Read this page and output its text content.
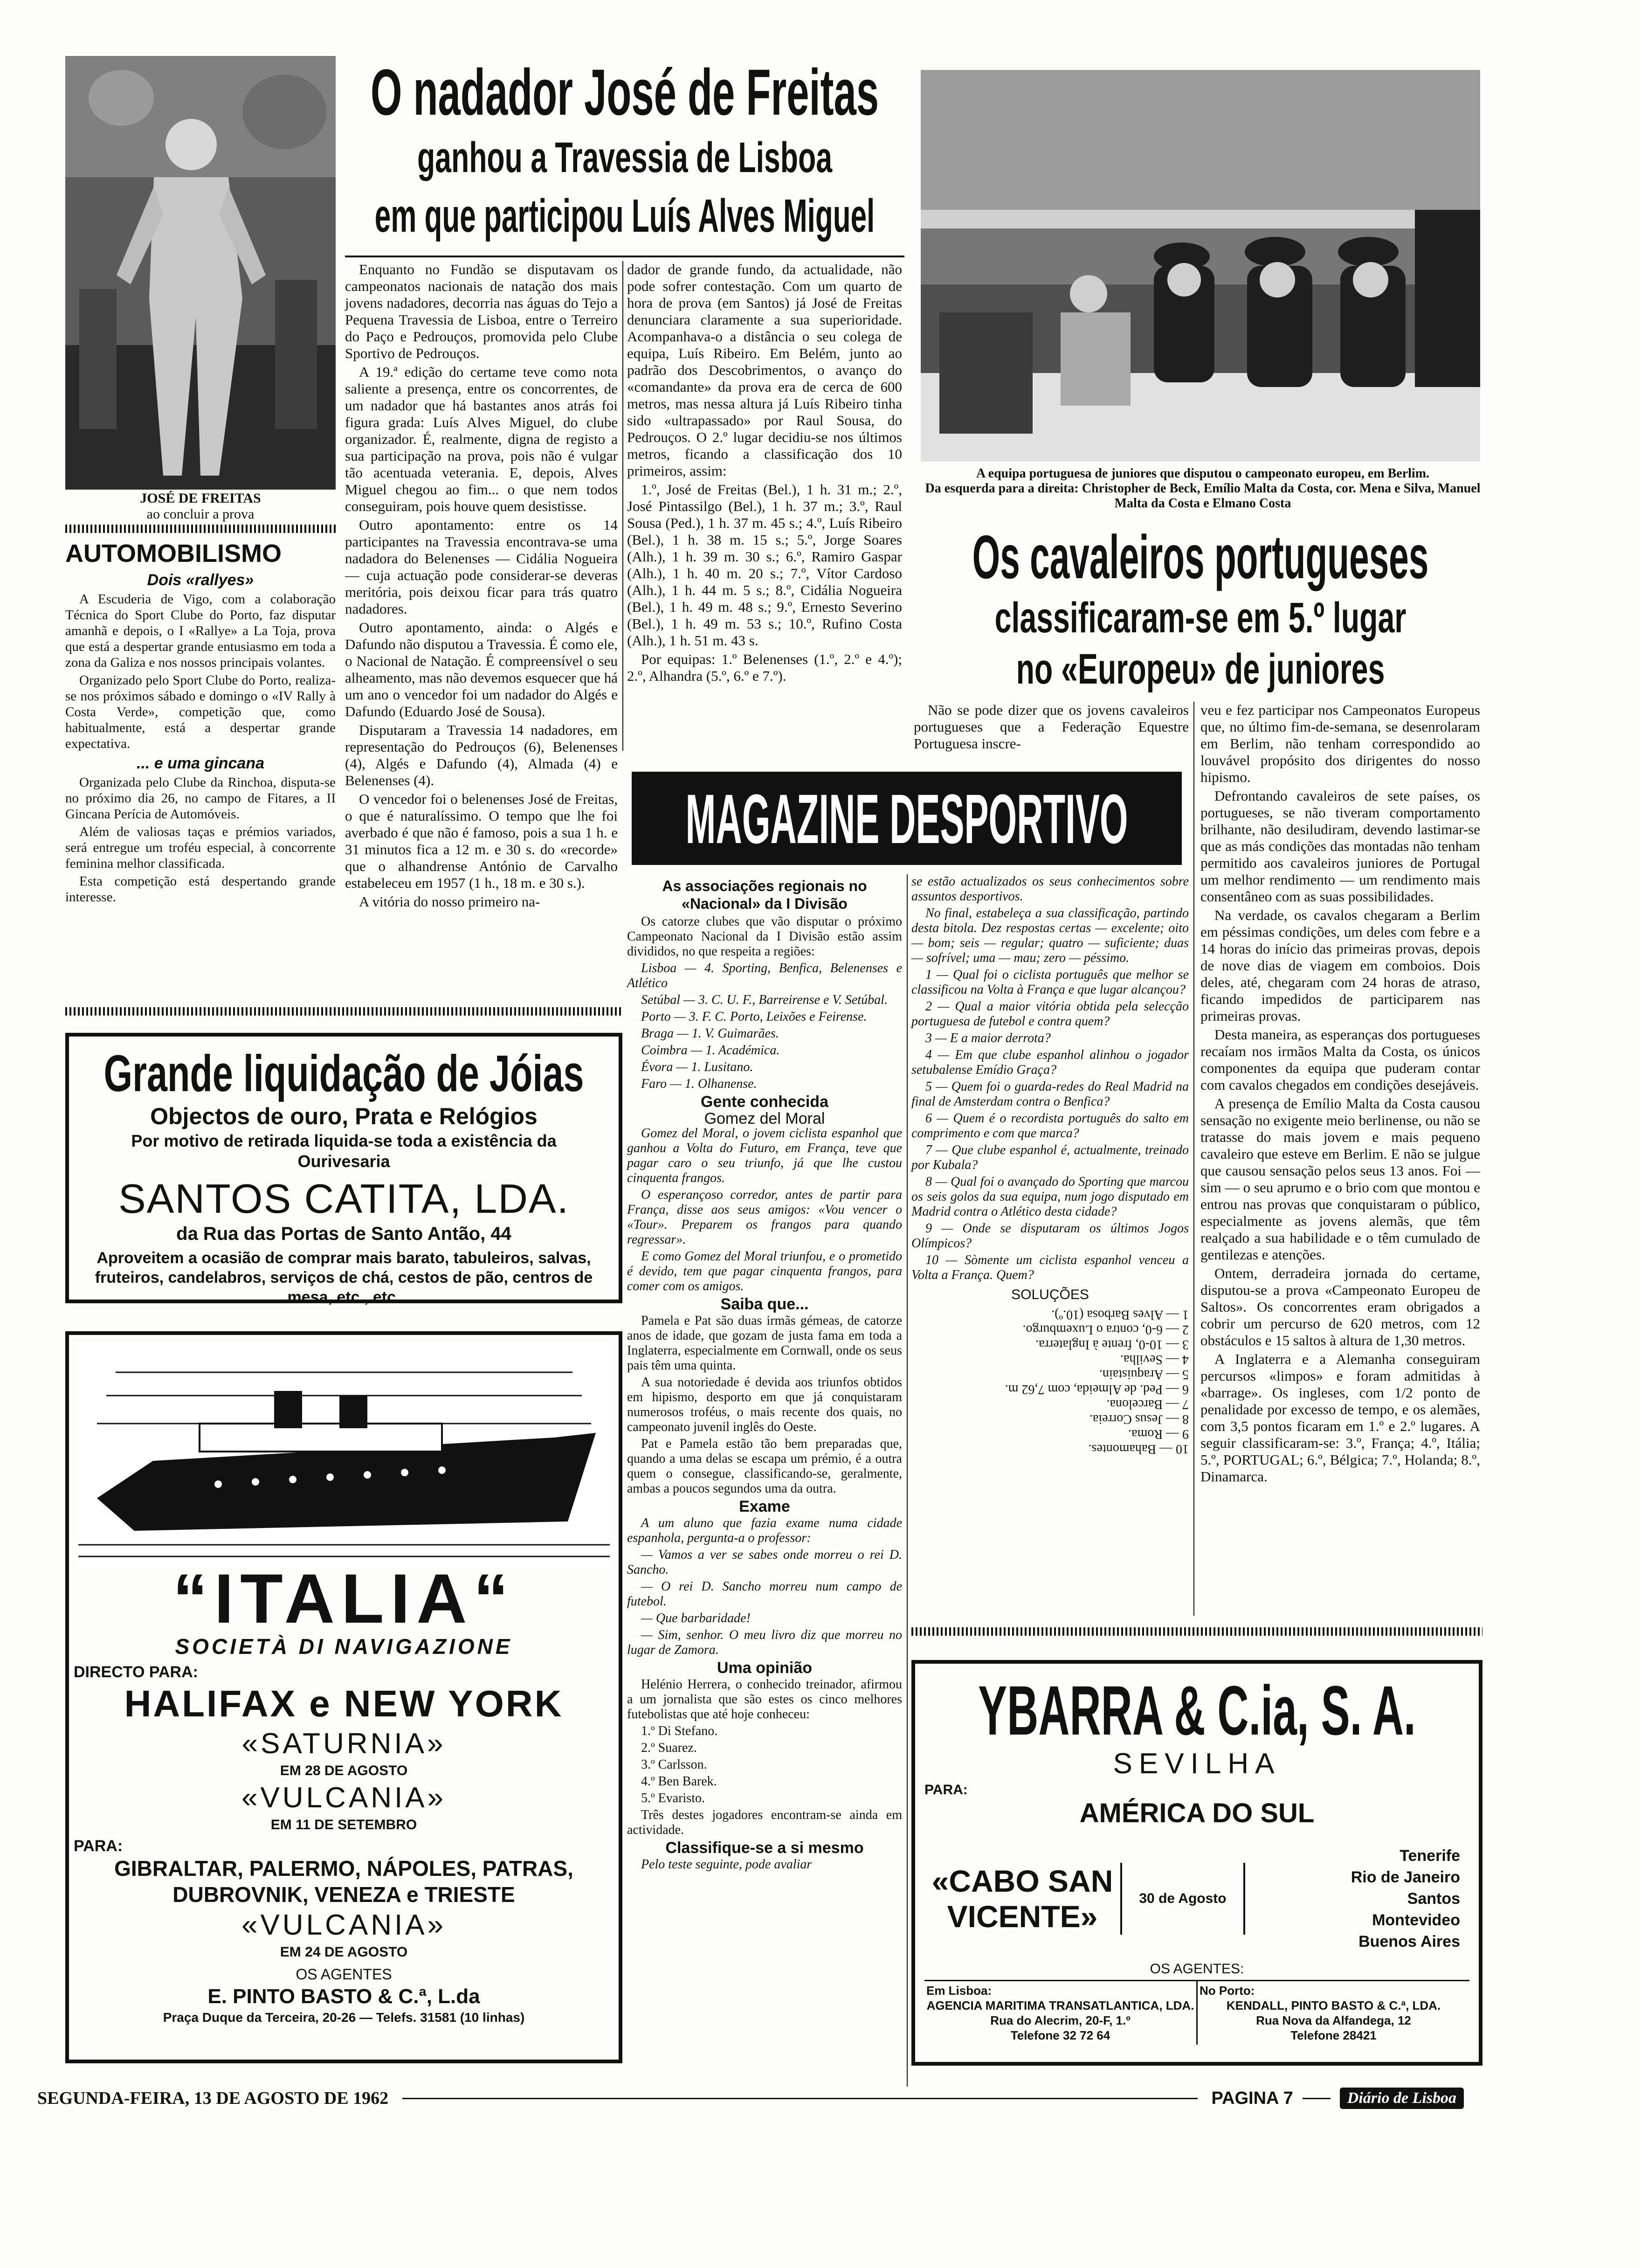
JOSÉ DE FREITAS
ao concluir a prova
O nadador José de Freitas
ganhou a Travessia de Lisboa
em que participou Luís Alves Miguel

Enquanto no Fundão se disputavam os campeonatos nacionais de natação dos mais jovens nadadores, decorria nas águas do Tejo a Pequena Travessia de Lisboa, entre o Terreiro do Paço e Pedrouços, promovida pelo Clube Sportivo de Pedrouços.

A 19.ª edição do certame teve como nota saliente a presença, entre os concorrentes, de um nadador que há bastantes anos atrás foi figura grada: Luís Alves Miguel, do clube organizador. É, realmente, digna de registo a sua participação na prova, pois não é vulgar tão acentuada veterania. E, depois, Alves Miguel chegou ao fim... o que nem todos conseguiram, pois houve quem desistisse.

Outro apontamento: entre os 14 participantes na Travessia encontrava-se uma nadadora do Belenenses — Cidália Nogueira — cuja actuação pode considerar-se deveras meritória, pois deixou ficar para trás quatro nadadores.

Outro apontamento, ainda: o Algés e Dafundo não disputou a Travessia. É como ele, o Nacional de Natação. É compreensível o seu alheamento, mas não devemos esquecer que há um ano o vencedor foi um nadador do Algés e Dafundo (Eduardo José de Sousa).

Disputaram a Travessia 14 nadadores, em representação do Pedrouços (6), Belenenses (4), Algés e Dafundo (4), Almada (4) e Belenenses (4).

O vencedor foi o belenenses José de Freitas, o que é naturalíssimo. O tempo que lhe foi averbado é que não é famoso, pois a sua 1 h. e 31 minutos fica a 12 m. e 30 s. do «recorde» que o alhandrense António de Carvalho estabeleceu em 1957 (1 h., 18 m. e 30 s.).

A vitória do nosso primeiro na-

dador de grande fundo, da actualidade, não pode sofrer contestação. Com um quarto de hora de prova (em Santos) já José de Freitas denunciara claramente a sua superioridade. Acompanhava-o a distância o seu colega de equipa, Luís Ribeiro. Em Belém, junto ao padrão dos Descobrimentos, o avanço do «comandante» da prova era de cerca de 600 metros, mas nessa altura já Luís Ribeiro tinha sido «ultrapassado» por Raul Sousa, do Pedrouços. O 2.º lugar decidiu-se nos últimos metros, ficando a classificação dos 10 primeiros, assim:

1.º, José de Freitas (Bel.), 1 h. 31 m.; 2.º, José Pintassilgo (Bel.), 1 h. 37 m.; 3.º, Raul Sousa (Ped.), 1 h. 37 m. 45 s.; 4.º, Luís Ribeiro (Bel.), 1 h. 38 m. 15 s.; 5.º, Jorge Soares (Alh.), 1 h. 39 m. 30 s.; 6.º, Ramiro Gaspar (Alh.), 1 h. 40 m. 20 s.; 7.º, Vítor Cardoso (Alh.), 1 h. 44 m. 5 s.; 8.º, Cidália Nogueira (Bel.), 1 h. 49 m. 48 s.; 9.º, Ernesto Severino (Bel.), 1 h. 49 m. 53 s.; 10.º, Rufino Costa (Alh.), 1 h. 51 m. 43 s.

Por equipas: 1.º Belenenses (1.º, 2.º e 4.º); 2.º, Alhandra (5.º, 6.º e 7.º).

A equipa portuguesa de juniores que disputou o campeonato europeu, em Berlim.
Da esquerda para a direita: Christopher de Beck, Emílio Malta da Costa, cor. Mena e Silva, Manuel Malta da Costa e Elmano Costa
Os cavaleiros portugueses
classificaram-se em 5.º lugar
no «Europeu» de juniores

Não se pode dizer que os jovens cavaleiros portugueses que a Federação Equestre Portuguesa inscre-

veu e fez participar nos Campeonatos Europeus que, no último fim-de-semana, se desenrolaram em Berlim, não tenham correspondido ao louvável propósito dos dirigentes do nosso hipismo.

Defrontando cavaleiros de sete países, os portugueses, se não tiveram comportamento brilhante, não desiludiram, devendo lastimar-se que as más condições das montadas não tenham permitido aos cavaleiros juniores de Portugal um melhor rendimento — um rendimento mais consentâneo com as suas possibilidades.

Na verdade, os cavalos chegaram a Berlim em péssimas condições, um deles com febre e a 14 horas do início das primeiras provas, depois de nove dias de viagem em comboios. Dois deles, até, chegaram com 24 horas de atraso, ficando impedidos de participarem nas primeiras provas.

Desta maneira, as esperanças dos portugueses recaíam nos irmãos Malta da Costa, os únicos componentes da equipa que puderam contar com cavalos chegados em condições desejáveis.

A presença de Emílio Malta da Costa causou sensação no exigente meio berlinense, ou não se tratasse do mais jovem e mais pequeno cavaleiro que esteve em Berlim. E não se julgue que causou sensação pelos seus 13 anos. Foi — sim — o seu aprumo e o brio com que montou e entrou nas provas que conquistaram o público, especialmente as jovens alemãs, que têm realçado a sua habilidade e o têm cumulado de gentilezas e atenções.

Ontem, derradeira jornada do certame, disputou-se a prova «Campeonato Europeu de Saltos». Os concorrentes eram obrigados a cobrir um percurso de 620 metros, com 12 obstáculos e 15 saltos à altura de 1,30 metros.

A Inglaterra e a Alemanha conseguiram percursos «limpos» e foram admitidas à «barrage». Os ingleses, com 1/2 ponto de penalidade por excesso de tempo, e os alemães, com 3,5 pontos ficaram em 1.º e 2.º lugares. A seguir classificaram-se: 3.º, França; 4.º, Itália; 5.º, PORTUGAL; 6.º, Bélgica; 7.º, Holanda; 8.º, Dinamarca.

AUTOMOBILISMO
Dois «rallyes»

A Escuderia de Vigo, com a colaboração Técnica do Sport Clube do Porto, faz disputar amanhã e depois, o I «Rallye» a La Toja, prova que está a despertar grande entusiasmo em toda a zona da Galiza e nos nossos principais volantes.

Organizado pelo Sport Clube do Porto, realiza-se nos próximos sábado e domingo o «IV Rally à Costa Verde», competição que, como habitualmente, está a despertar grande expectativa.

... e uma gincana

Organizada pelo Clube da Rinchoa, disputa-se no próximo dia 26, no campo de Fitares, a II Gincana Perícia de Automóveis.

Além de valiosas taças e prémios variados, será entregue um troféu especial, à concorrente feminina melhor classificada.

Esta competição está despertando grande interesse.

Grande liquidação de Jóias
Objectos de ouro, Prata e Relógios
Por motivo de retirada liquida-se toda a existência da Ourivesaria
SANTOS CATITA, LDA.
da Rua das Portas de Santo Antão, 44
Aproveitem a ocasião de comprar mais barato, tabuleiros, salvas, fruteiros, candelabros, serviços de chá, cestos de pão, centros de mesa, etc., etc.
“ITALIA“
SOCIETÀ DI NAVIGAZIONE
DIRECTO PARA:
HALIFAX e NEW YORK
«SATURNIA»
EM 28 DE AGOSTO
«VULCANIA»
EM 11 DE SETEMBRO
PARA:
GIBRALTAR, PALERMO, NÁPOLES, PATRAS, DUBROVNIK, VENEZA e TRIESTE
«VULCANIA»
EM 24 DE AGOSTO
OS AGENTES
E. PINTO BASTO & C.ª, L.da
Praça Duque da Terceira, 20-26 — Telefs. 31581 (10 linhas)
MAGAZINE DESPORTIVO
As associações regionais no «Nacional» da I Divisão

Os catorze clubes que vão disputar o próximo Campeonato Nacional da I Divisão estão assim divididos, no que respeita a regiões:

Lisboa — 4. Sporting, Benfica, Belenenses e Atlético

Setúbal — 3. C. U. F., Barreirense e V. Setúbal.

Porto — 3. F. C. Porto, Leixões e Feirense.

Braga — 1. V. Guimarães.

Coimbra — 1. Académica.

Évora — 1. Lusitano.

Faro — 1. Olhanense.

Gente conhecida
Gomez del Moral

Gomez del Moral, o jovem ciclista espanhol que ganhou a Volta do Futuro, em França, teve que pagar caro o seu triunfo, já que lhe custou cinquenta frangos.

O esperançoso corredor, antes de partir para França, disse aos seus amigos: «Vou vencer o «Tour». Preparem os frangos para quando regressar».

E como Gomez del Moral triunfou, e o prometido é devido, tem que pagar cinquenta frangos, para comer com os amigos.

Saiba que...

Pamela e Pat são duas irmãs gémeas, de catorze anos de idade, que gozam de justa fama em toda a Inglaterra, especialmente em Cornwall, onde os seus pais têm uma quinta.

A sua notoriedade é devida aos triunfos obtidos em hipismo, desporto em que já conquistaram numerosos troféus, o mais recente dos quais, no campeonato juvenil inglês do Oeste.

Pat e Pamela estão tão bem preparadas que, quando a uma delas se escapa um prémio, é a outra quem o consegue, classificando-se, geralmente, ambas a poucos segundos uma da outra.

Exame

A um aluno que fazia exame numa cidade espanhola, pergunta-a o professor:

— Vamos a ver se sabes onde morreu o rei D. Sancho.

— O rei D. Sancho morreu num campo de futebol.

— Que barbaridade!

— Sim, senhor. O meu livro diz que morreu no lugar de Zamora.

Uma opinião

Helénio Herrera, o conhecido treinador, afirmou a um jornalista que são estes os cinco melhores futebolistas que até hoje conheceu:

1.º Di Stefano.

2.º Suarez.

3.º Carlsson.

4.º Ben Barek.

5.º Evaristo.

Três destes jogadores encontram-se ainda em actividade.

Classifique-se a si mesmo

Pelo teste seguinte, pode avaliar

se estão actualizados os seus conhecimentos sobre assuntos desportivos.

No final, estabeleça a sua classificação, partindo desta bitola. Dez respostas certas — excelente; oito — bom; seis — regular; quatro — suficiente; duas — sofrível; uma — mau; zero — péssimo.

1 — Qual foi o ciclista português que melhor se classificou na Volta à França e que lugar alcançou?

2 — Qual a maior vitória obtida pela selecção portuguesa de futebol e contra quem?

3 — E a maior derrota?

4 — Em que clube espanhol alinhou o jogador setubalense Emídio Graça?

5 — Quem foi o guarda-redes do Real Madrid na final de Amsterdam contra o Benfica?

6 — Quem é o recordista português do salto em comprimento e com que marca?

7 — Que clube espanhol é, actualmente, treinado por Kubala?

8 — Qual foi o avançado do Sporting que marcou os seis golos da sua equipa, num jogo disputado em Madrid contra o Atlético desta cidade?

9 — Onde se disputaram os últimos Jogos Olímpicos?

10 — Sòmente um ciclista espanhol venceu a Volta a França. Quem?

SOLUÇÕES
10 — Bahamontes.
9 — Roma.
8 — Jesus Correia.
7 — Barcelona.
6 — Ped. de Almeida, com 7,62 m.
5 — Araquistain.
4 — Sevilha.
3 — 10-0, frente à Inglaterra.
2 — 6-0, contra o Luxemburgo.
1 — Alves Barbosa (10.º).
YBARRA & C.ia, S. A.
SEVILHA
PARA:
AMÉRICA DO SUL
«CABO SAN VICENTE»
30 de Agosto
Tenerife
Rio de Janeiro
Santos
Montevideo
Buenos Aires
OS AGENTES:
Em Lisboa:
AGENCIA MARITIMA TRANSATLANTICA, LDA.
Rua do Alecrim, 20-F, 1.º
Telefone 32 72 64
No Porto:
KENDALL, PINTO BASTO & C.ª, LDA.
Rua Nova da Alfandega, 12
Telefone 28421
SEGUNDA-FEIRA, 13 DE AGOSTO DE 1962	PAGINA 7	Diário de Lisboa
